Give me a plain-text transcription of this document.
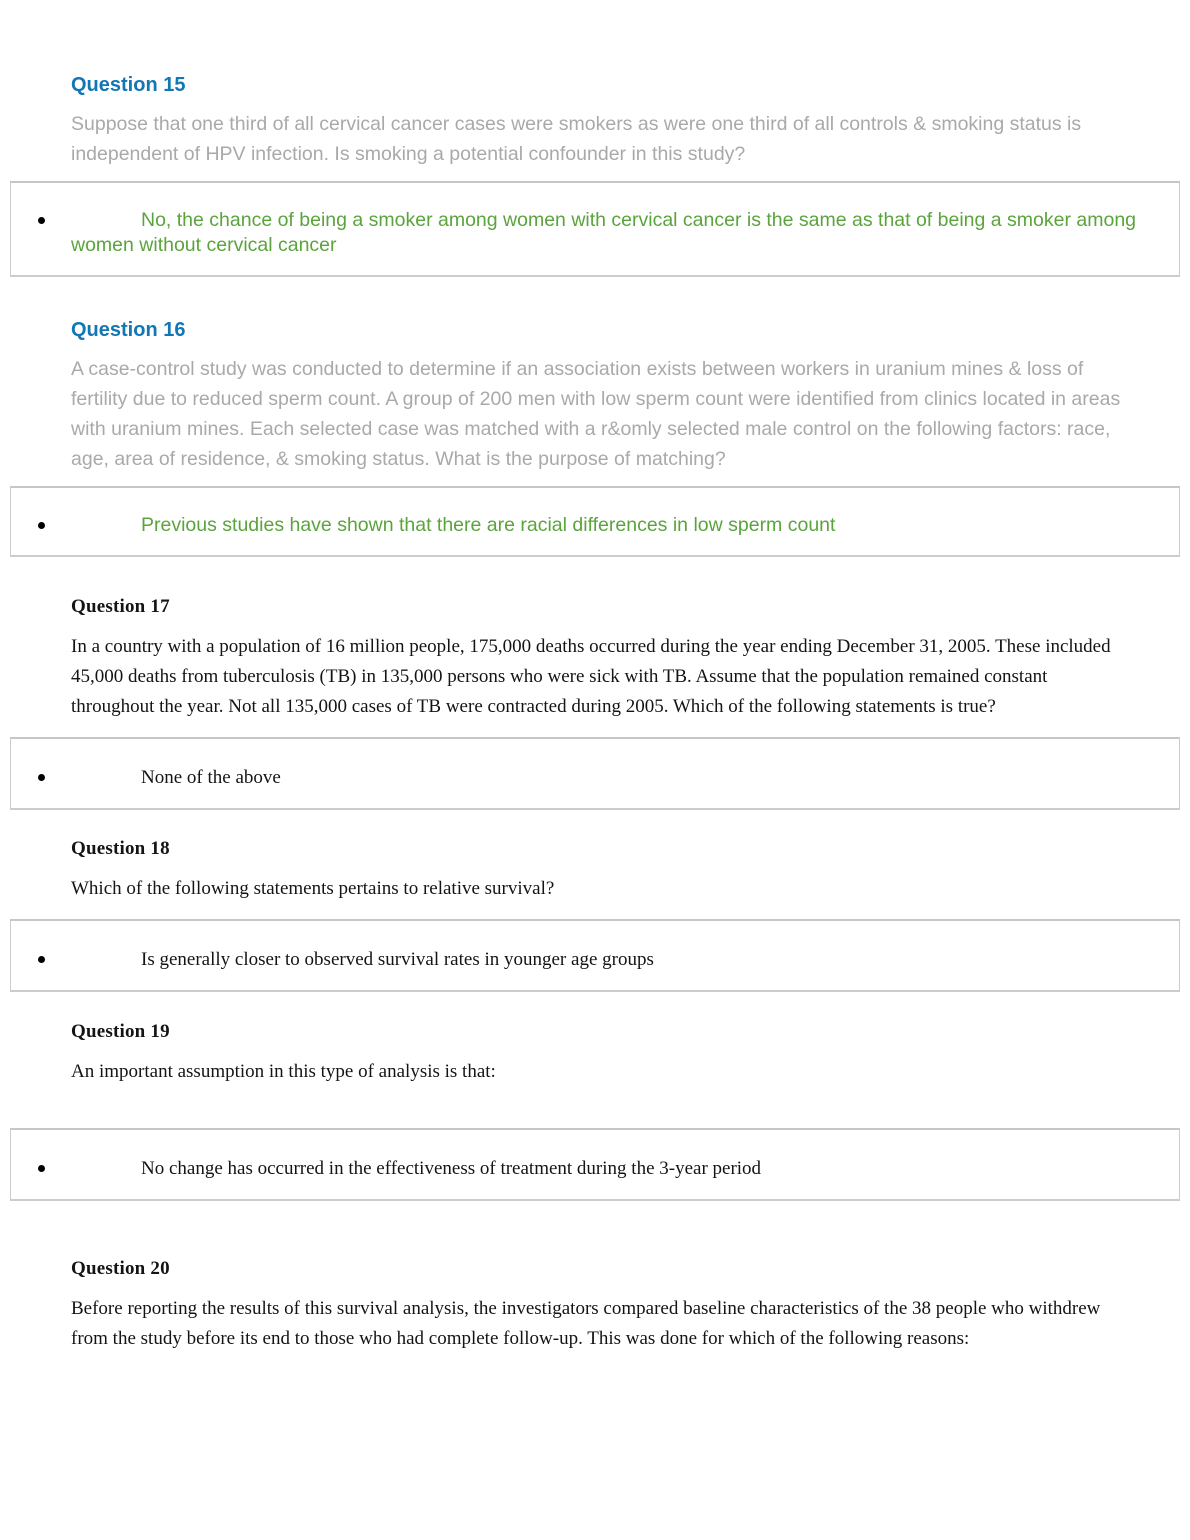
Question 15

Suppose that one third of all cervical cancer cases were smokers as were one third of all controls & smoking status is independent of HPV infection. Is smoking a potential confounder in this study?

No, the chance of being a smoker among women with cervical cancer is the same as that of being a smoker among women without cervical cancer
Question 16

A case-control study was conducted to determine if an association exists between workers in uranium mines & loss of fertility due to reduced sperm count. A group of 200 men with low sperm count were identified from clinics located in areas with uranium mines. Each selected case was matched with a r&omly selected male control on the following factors: race, age, area of residence, & smoking status. What is the purpose of matching?

Previous studies have shown that there are racial differences in low sperm count
Question 17

In a country with a population of 16 million people, 175,000 deaths occurred during the year ending December 31, 2005. These included 45,000 deaths from tuberculosis (TB) in 135,000 persons who were sick with TB. Assume that the population remained constant throughout the year. Not all 135,000 cases of TB were contracted during 2005. Which of the following statements is true?

None of the above
Question 18

Which of the following statements pertains to relative survival?

Is generally closer to observed survival rates in younger age groups
Question 19

An important assumption in this type of analysis is that:

No change has occurred in the effectiveness of treatment during the 3-year period
Question 20

Before reporting the results of this survival analysis, the investigators compared baseline characteristics of the 38 people who withdrew from the study before its end to those who had complete follow-up. This was done for which of the following reasons:
